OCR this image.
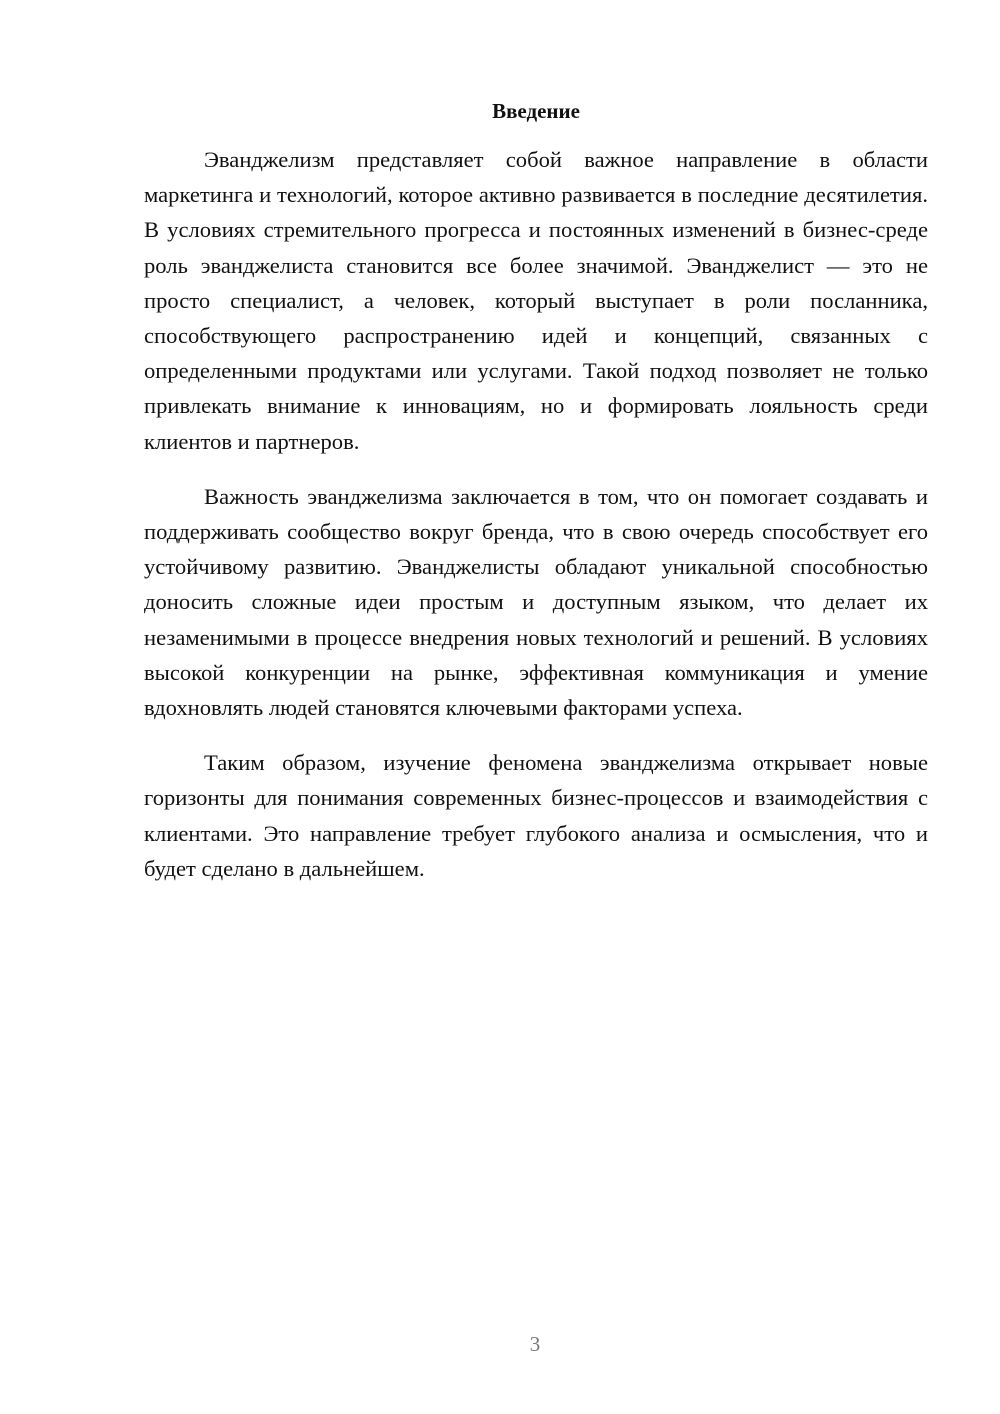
Введение

Эванджелизм представляет собой важное направление в области маркетинга и технологий, которое активно развивается в последние десятилетия. В условиях стремительного прогресса и постоянных изменений в бизнес-среде роль эванджелиста становится все более значимой. Эванджелист — это не просто специалист, а человек, который выступает в роли посланника, способствующего распространению идей и концепций, связанных с определенными продуктами или услугами. Такой подход позволяет не только привлекать внимание к инновациям, но и формировать лояльность среди клиентов и партнеров.

Важность эванджелизма заключается в том, что он помогает создавать и поддерживать сообщество вокруг бренда, что в свою очередь способствует его устойчивому развитию. Эванджелисты обладают уникальной способностью доносить сложные идеи простым и доступным языком, что делает их незаменимыми в процессе внедрения новых технологий и решений. В условиях высокой конкуренции на рынке, эффективная коммуникация и умение вдохновлять людей становятся ключевыми факторами успеха.

Таким образом, изучение феномена эванджелизма открывает новые горизонты для понимания современных бизнес-процессов и взаимодействия с клиентами. Это направление требует глубокого анализа и осмысления, что и будет сделано в дальнейшем.

3
